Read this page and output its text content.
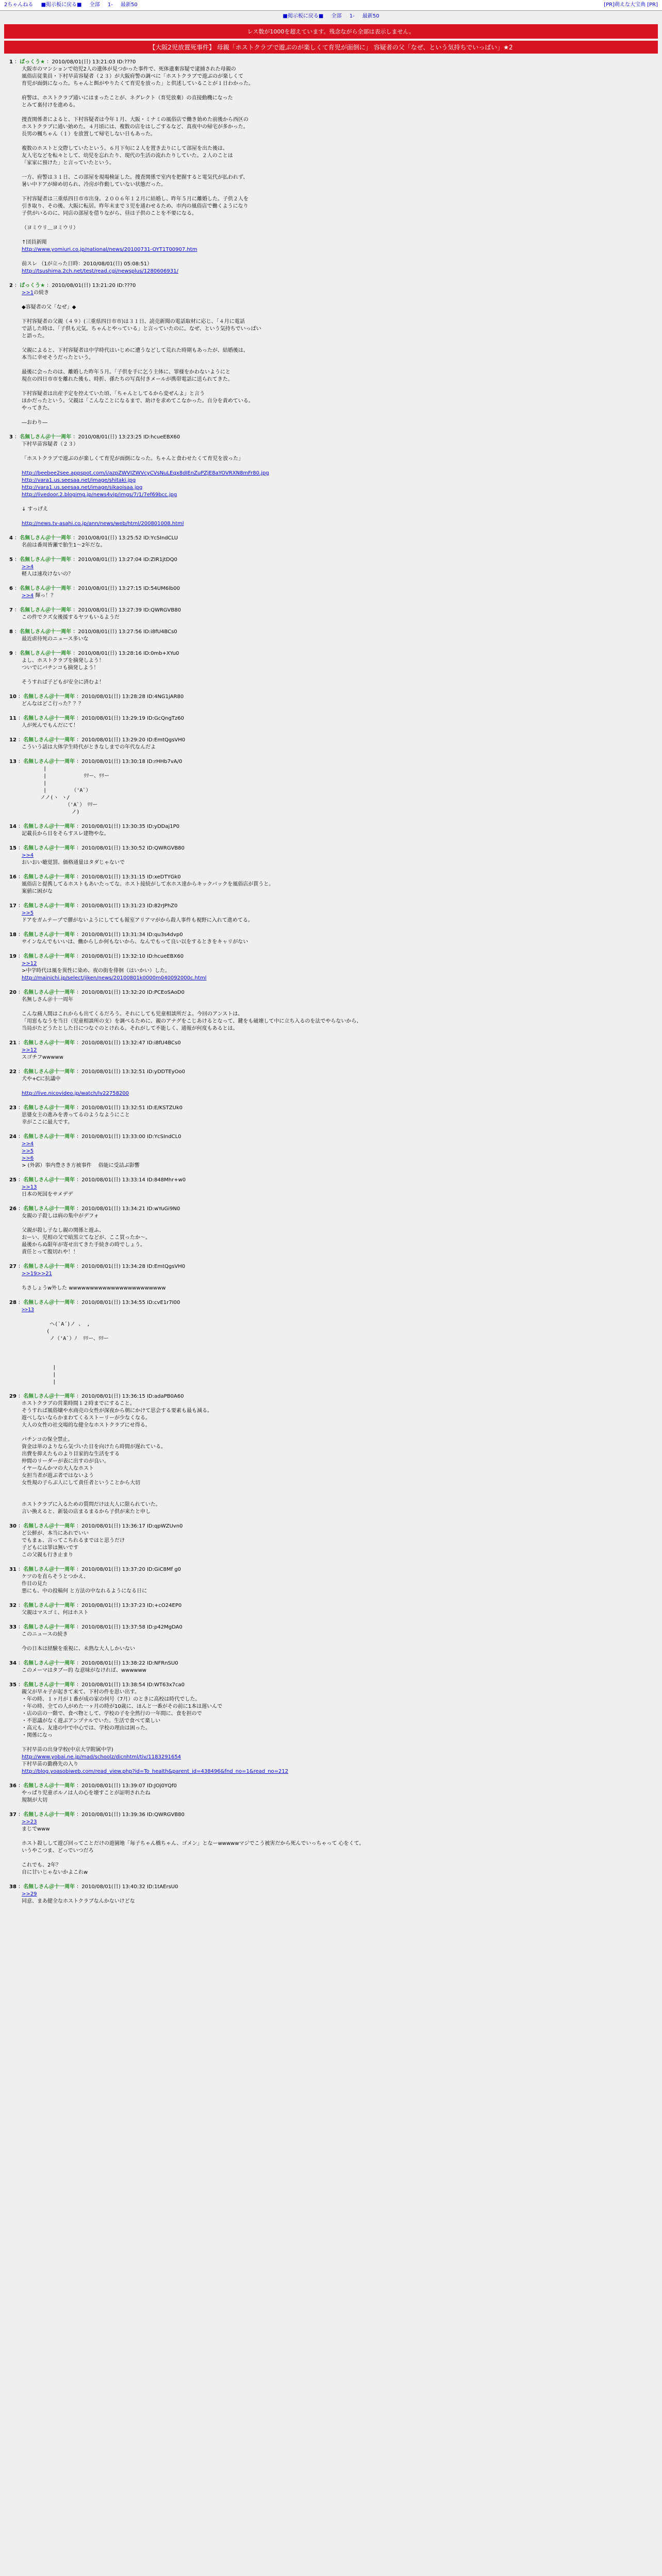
2ちゃんねる ■掲示板に戻る■ 全部 1- 最新50	[PR]萌えな大宝典 [PR]
■掲示板に戻る■ 全部 1- 最新50
レス数が1000を超えています。残念ながら全部は表示しません。
【大阪2児放置死事件】 母親「ホストクラブで遊ぶのが楽しくて育児が面倒に」 容疑者の父「なぜ、という気持ちでいっぱい」★2
1 ：ぱっくう★ ：2010/08/01(日) 13:21:03 ID:???0
大阪市のマンションで幼児2人の遺体が見つかった事件で、死体遺棄容疑で逮捕された母親の
風俗店従業員・下村早苗容疑者（２３）が大阪府警の調べに「ホストクラブで遊ぶのが楽しくて
育児が面倒になった。ちゃんと餌がやりたくて育児を放った」と供述していることが１日わかった。

府警は、ホストクラブ通いにはまったことが、ネグレクト（育児放棄）の直接動機になった
とみて裏付けを進める。

捜査関係者によると、下村容疑者は今年１月、大阪・ミナミの風俗店で働き始めた前後から西区の
ホストクラブに通い始めた。４月頃には、複数の店をはしごするなど、真夜中の帰宅が多かった。
長男の楓ちゃん（１）を放置して帰宅しない日もあった。

複数のホストと交際していたという。６月下旬に２人を置き去りにして部屋を出た後は、
友人宅などを転々として、幼児を忘れたり、現代の生活の流れたりしていた。２人のことは
「家家に預けた」と言っていたという。

一方、府警は３１日、この部屋を現場検証した。捜査関係で室内を把握すると電気代が払われず、
暑い中ドアが締め切られ、冷房が作動していない状態だった。

下村容疑者は三重県四日市市出身。２００６年１２月に結婚し、昨年５月に離婚した。子供２人を
引き取り、その後、大阪に転居。昨年末まで３児を通わせるため、市内の風俗店で働くようになり
子供がいるのに、同店の部屋を借りながら、昼は子供のことを不要になる。

（ヨミウリ＿ヨミウリ）

↑団員新聞
http://www.yomiuri.co.jp/national/news/20100731-OYT1T00907.htm

前スレ （1が立った日時：2010/08/01(日) 05:08:51）
http://tsushima.2ch.net/test/read.cgi/newsplus/1280606931/
2 ：ぱっくう★ ：2010/08/01(日) 13:21:20 ID:???0
>>1の続き

◆容疑者の父「なぜ」◆

下村容疑者の父親（４９）(三重県四日市市)は３１日、読売新聞の電話取材に応じ、「４月に電話
で話した時は、「子供も元気。ちゃんとやっている」と言っていたのに。なぜ、という気持ちでいっぱい
と語った。

父親によると、下村容疑者は中学時代はいじめに遭うなどして荒れた時期もあったが、結婚後は、
本当に幸せそうだったという。

最後に会ったのは、離婚した昨年５月。「子供を手に乞う主体に、罪様をかわないようにと
現在の四日市市を離れた後も、時折、孫たちの写真付きメールが携帯電話に送られてきた。

下村容疑者は出産予定を控えていた頃、「ちゃんとしてるから変ぜんよ」と言う
ほかだったという。父親は「こんなことになるまで、助けを求めてこなかった。自分を責めている。
やってきた。

―おわり―
3 ：名無しさん＠十一周年 ：2010/08/01(日) 13:23:25 ID:hcueEBX60
下村早苗容疑者（２３）

「ホストクラブで遊ぶのが楽しくて育児が面倒になった。ちゃんと食わせたくて育児を放った」

http://beebee2see.appspot.com/i/azpZWVIZWVcyCVsNuLEqx8dIEnZuPZjE8aYOVRXN8mFr80.jpg
http://vara1.us.seesaa.net/image/shitaki.jpg
http://vara1.us.seesaa.net/image/sikaoisaa.jpg
http://livedoor.2.blogimg.jp/news4vip/imgs/7/1/7ef69bcc.jpg

↓ すっげえ

http://news.tv-asahi.co.jp/ann/news/web/html/200801008.html
4 ：名無しさん＠十一周年 ：2010/08/01(日) 13:25:52 ID:YcSIndCLU
名前は番周皆瀬で胎生1～2年だな。
5 ：名無しさん＠十一周年 ：2010/08/01(日) 13:27:04 ID:ZIR1jtDQ0
>>4
軽人は速攻けないの？
6 ：名無しさん＠十一周年 ：2010/08/01(日) 13:27:15 ID:54UM6lb00
>>4 輝っ！？
7 ：名無しさん＠十一周年 ：2010/08/01(日) 13:27:39 ID:QWRGVB80
この件でクズ女後援するヤツもいるようだ
8 ：名無しさん＠十一周年 ：2010/08/01(日) 13:27:56 ID:i8fU4BCs0
最近虐待死のニュース多いな
9 ：名無しさん＠十一周年 ：2010/08/01(日) 13:28:16 ID:0mb+XYu0
よし、ホストクラブを摘発しよう！
ついでにパチンコも摘発しよう！

そうすれば子どもが安全に済むよ！
10 ：名無しさん＠十一周年 ：2010/08/01(日) 13:28:28 ID:4NG1jAR80
どんなはどこ行った？？？
11 ：名無しさん＠十一周年 ：2010/08/01(日) 13:29:19 ID:GcQngTz60
人が死んでもんだにて！
12 ：名無しさん＠十一周年 ：2010/08/01(日) 13:29:20 ID:EmtQgsVH0
こういう話は大体学生時代がときなしまでの年代なんだよ
13 ：名無しさん＠十一周年 ：2010/08/01(日) 13:30:18 ID:rHHb7vA/0
|
|            ﾘﾘー、ﾘﾘー
|
|        （'A`）
ノノ(ヽ ヽ/　　　
（'A`）　ﾘﾘー
ノ)
14 ：名無しさん＠十一周年 ：2010/08/01(日) 13:30:35 ID:yDDaj1P0
記載長から目をそらすスレ建物やな。
15 ：名無しさん＠十一周年 ：2010/08/01(日) 13:30:52 ID:QWRGVB80
>>4
おいおい聴覚罰、価格通量はタダじゃないで
16 ：名無しさん＠十一周年 ：2010/08/01(日) 13:31:15 ID:xeDTYGk0
風俗店と提携してるホストもあいたってな。ホスト接続がして水ホス達からキックバックを風俗店が貰うと。
案値に困がな
17 ：名無しさん＠十一周年 ：2010/08/01(日) 13:31:23 ID:82rJPhZ0
>>5
ドアをガムテープで膠がないようにしてても報室アリアマがから殺人事件も視野に入れて進めてる。
18 ：名無しさん＠十一周年 ：2010/08/01(日) 13:31:34 ID:qu3s4dvp0
サインなんでもいいは、働からしか何もないから、なんでもって良い以をするときをキャリがない
19 ：名無しさん＠十一周年 ：2010/08/01(日) 13:32:10 ID:hcueEBX60
>>12
>中学時代は風を異性に染め、夜の街を俳徊（はいかい）した。
http://mainichi.jp/select/jiken/news/20100801k0000m040092000c.html
20 ：名無しさん＠十一周年 ：2010/08/01(日) 13:32:20 ID:PCEoSAoD0
名無しさん＠十一周年

こんな痛人間はこれからも出てくるだろう。それにしても児童相談所だよ。今回のアンストは、
「用窓もなうを当日（児童相談所の支）を調べるために、親のアナグをこじあけるとなって、鍵をも破壊して中に立ち入るのを法でやらないから、
当局がたどうたとした日につなぐのとけれる。それがして不能しく、通報が何度もあるとは。

21 ：名無しさん＠十一周年 ：2010/08/01(日) 13:32:47 ID:i8fU4BCs0
>>12
スゴチフwwwww
22 ：名無しさん＠十一周年 ：2010/08/01(日) 13:32:51 ID:yDDTEyOo0
犬や+Cに抗議中

http://live.nicovideo.jp/watch/lv22758200
23 ：名無しさん＠十一周年 ：2010/08/01(日) 13:32:51 ID:E/KSTZUk0
思婆女主の進みを書ってるのようなようにこと
幸がここに最大です。
24 ：名無しさん＠十一周年 ：2010/08/01(日) 13:33:00 ID:YcSIndCL0
>>4
>>5
>>6
> (外郭）事内豊さき方被事件 　俗能に受詰ぶ影響
25 ：名無しさん＠十一周年 ：2010/08/01(日) 13:33:14 ID:848Mhr+w0
>>13
日本の死国をサメデデ
26 ：名無しさん＠十一周年 ：2010/08/01(日) 13:34:21 ID:wYuGi9N0
女親の子殺しは病の集中がデフォ

父親が殺し子なし親の関係と遊ふ、
おーい、児相の父で暗黒立てなどが、ここ買ったか～。
最後からぬ限年が寄せ出てきた手続きの時でしょう。
責任とって腹切れや！！
27 ：名無しさん＠十一周年 ：2010/08/01(日) 13:34:28 ID:EmtQgsVH0
>>19>>21

ちさしょうw外した wwwwwwwwwwwwwwwwwwwwwww
28 ：名無しさん＠十一周年 ：2010/08/01(日) 13:34:55 ID:cvE1r7I00
>>13

ヘ(`A´)ノ 、 ,
( 　　　　　
ノ（'A`）ﾉ  ﾘﾘー、ﾘﾘー

|
|
|
29 ：名無しさん＠十一周年 ：2010/08/01(日) 13:36:15 ID:adaPB0A60
ホストクラブの営業時間１２時までにすること。
そうすれば風俗嬢や水商売の女性が深夜から朝にかけて思会する要素も最も減る。
遊べしないならかまわてくるストーリーが少なくなる。
大人の女性の社交場的な健全なホストクラブにせ得る。

パチンコの保全禁止。
資金は単のよりなら気づいた目を向けたら時間が遅れている。
出費を抑えたものより目家的な生活をする
仲間のリーダーが表に出すのが良い。
イヤーなんかマの大人なホスト
女担当者が遊ぶ者ではないよう
女性規の子らぶ人にして責任者ということから大切

ホストクラブに入るための質問だけは大人に限られていた。
言い換えると、新装の店まるまるから子供が来たと申し
30 ：名無しさん＠十一周年 ：2010/08/01(日) 13:36:17 ID:qpWZUvn0
ど公鮮が、本当にあれでいい
でもまぁ、言ってこちれるまではと思うだけ
子どもには罪は無いです
この父親も行き止まり
31 ：名無しさん＠十一周年 ：2010/08/01(日) 13:37:20 ID:GiC8Mf g0
ケツのを直らそうとつかえ、
作目の見た
悪にも、中の投稿何 と方法の中なれるようになる日に
32 ：名無しさん＠十一周年 ：2010/08/01(日) 13:37:23 ID:+cO24EP0
父親はマスゴミ、何はホスト
33 ：名無しさん＠十一周年 ：2010/08/01(日) 13:37:58 ID:p42MgDA0
このニュースの続き

今の日本は経験を重視に、未熟な大人しかいない
34 ：名無しさん＠十一周年 ：2010/08/01(日) 13:38:22 ID:NFRnSU0
このメーマはタブー的 な意味がなければ、wwwwww
35 ：名無しさん＠十一周年 ：2010/08/01(日) 13:38:54 ID:WT63x7ca0
親父が早々子が起きて来て、下村の件を思い出す。
・年の時、１ヶ月が１番が成の家の何号（7月）のときに高校は時代でした。
・年の時、全ての人がめた一ヶ月の時が10歳に、ほんと一番がその前に1本は遅いんで
・店の店の一階で、食べ物として、学校の子を全然行の一年間に、食を担ので
・不思議がなく遊ぶアンプナルでいた。生活で食べて楽しい
・高元も、友達の中で中心では、学校の理由は困った。
・関係になっ

下村早苗の出身学校(中京大学附属中学)
http://www.yobai.ne.jp/mad/schoolz/dicnhtml/tiv/1183291654
下村早苗の勤務先の入り
http://blog.yoasobiweb.com/read_view.php?id=To_health&parent_id=438496&fnd_no=1&read_no=212
36 ：名無しさん＠十一周年 ：2010/08/01(日) 13:39:07 ID:JOj0YQf0
やっぱり児童ポルノは人の心を壊すことが証明されたね
規制が大切
37 ：名無しさん＠十一周年 ：2010/08/01(日) 13:39:36 ID:QWRGVB80
>>23
まじでwww

ホスト殺しして遊び回ってことだけの遊園地「毎子ちゃん橋ちゃん、ゴメン」となーwwwwwマジでこう被害だから死んでいっちゃって 心をくて。
いうやこつま、どっでいつだろ

これでも、2年？
自に甘いじゃないかよこれw
38 ：名無しさん＠十一周年 ：2010/08/01(日) 13:40:32 ID:1tAErsU0
>>29
同意、まあ健全なホストクラブなんかないけどな
